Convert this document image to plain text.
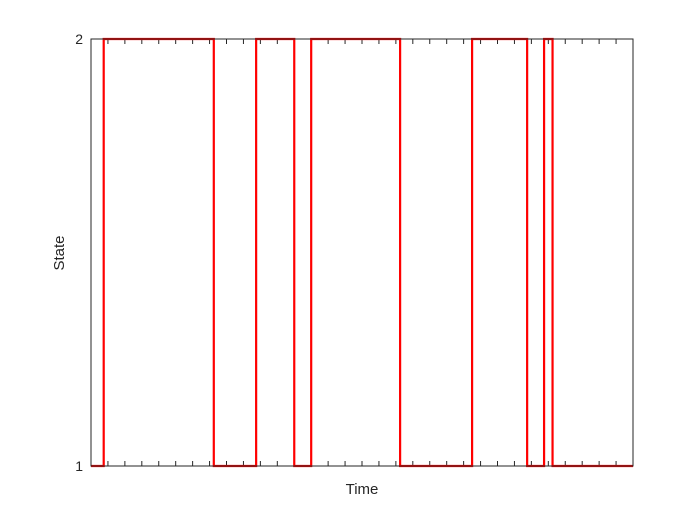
2
1
Time
State
